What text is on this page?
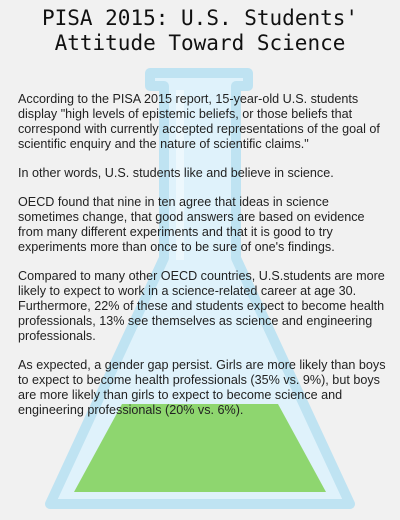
PISA 2015: U.S. Students'
Attitude Toward Science

According to the PISA 2015 report, 15-year-old U.S. students display "high levels of epistemic beliefs, or those beliefs that correspond with currently accepted representations of the goal of scientific enquiry and the nature of scientific claims."

In other words, U.S. students like and believe in science.

OECD found that nine in ten agree that ideas in science sometimes change, that good answers are based on evidence from many different experiments and that it is good to try experiments more than once to be sure of one's findings.

Compared to many other OECD countries, U.S.students are more likely to expect to work in a science-related career at age 30. Furthermore, 22% of these and students expect to become health professionals, 13% see themselves as science and engineering professionals.

As expected, a gender gap persist. Girls are more likely than boys to expect to become health professionals (35% vs. 9%), but boys are more likely than girls to expect to become science and engineering professionals (20% vs. 6%).
